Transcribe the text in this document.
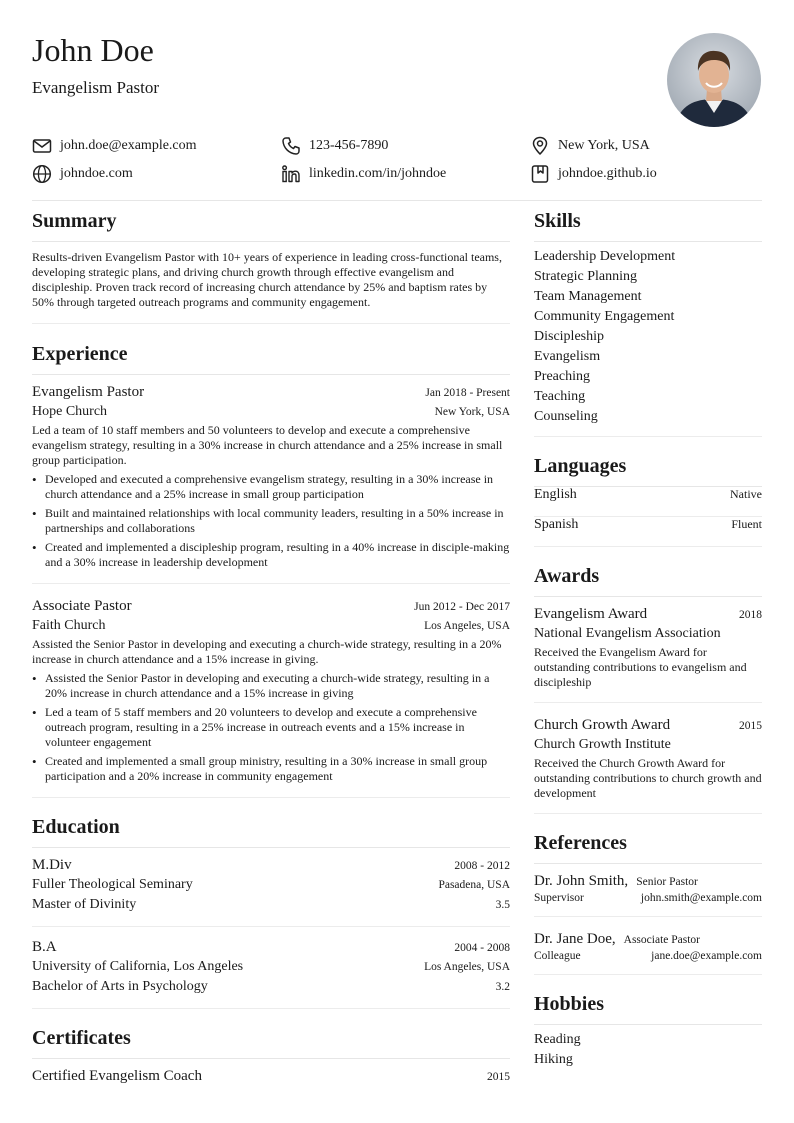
John Doe
Evangelism Pastor
john.doe@example.com	123-456-7890	New York, USA
johndoe.com	linkedin.com/in/johndoe	johndoe.github.io
Summary
Results-driven Evangelism Pastor with 10+ years of experience in leading cross-functional teams, developing strategic plans, and driving church growth through effective evangelism and discipleship. Proven track record of increasing church attendance by 25% and baptism rates by 50% through targeted outreach programs and community engagement.
Experience
Evangelism Pastor	Jan 2018 - Present
Hope Church	New York, USA
Led a team of 10 staff members and 50 volunteers to develop and execute a comprehensive evangelism strategy, resulting in a 30% increase in church attendance and a 25% increase in small group participation.
• Developed and executed a comprehensive evangelism strategy, resulting in a 30% increase in church attendance and a 25% increase in small group participation
• Built and maintained relationships with local community leaders, resulting in a 50% increase in partnerships and collaborations
• Created and implemented a discipleship program, resulting in a 40% increase in disciple-making and a 30% increase in leadership development
Associate Pastor	Jun 2012 - Dec 2017
Faith Church	Los Angeles, USA
Assisted the Senior Pastor in developing and executing a church-wide strategy, resulting in a 20% increase in church attendance and a 15% increase in giving.
• Assisted the Senior Pastor in developing and executing a church-wide strategy, resulting in a 20% increase in church attendance and a 15% increase in giving
• Led a team of 5 staff members and 20 volunteers to develop and execute a comprehensive outreach program, resulting in a 25% increase in outreach events and a 15% increase in volunteer engagement
• Created and implemented a small group ministry, resulting in a 30% increase in small group participation and a 20% increase in community engagement
Education
M.Div	2008 - 2012
Fuller Theological Seminary	Pasadena, USA
Master of Divinity	3.5
B.A	2004 - 2008
University of California, Los Angeles	Los Angeles, USA
Bachelor of Arts in Psychology	3.2
Certificates
Certified Evangelism Coach	2015
Skills
Leadership Development
Strategic Planning
Team Management
Community Engagement
Discipleship
Evangelism
Preaching
Teaching
Counseling
Languages
English	Native
Spanish	Fluent
Awards
Evangelism Award	2018
National Evangelism Association
Received the Evangelism Award for outstanding contributions to evangelism and discipleship
Church Growth Award	2015
Church Growth Institute
Received the Church Growth Award for outstanding contributions to church growth and development
References
Dr. John Smith, Senior Pastor
Supervisor	john.smith@example.com
Dr. Jane Doe, Associate Pastor
Colleague	jane.doe@example.com
Hobbies
Reading
Hiking
